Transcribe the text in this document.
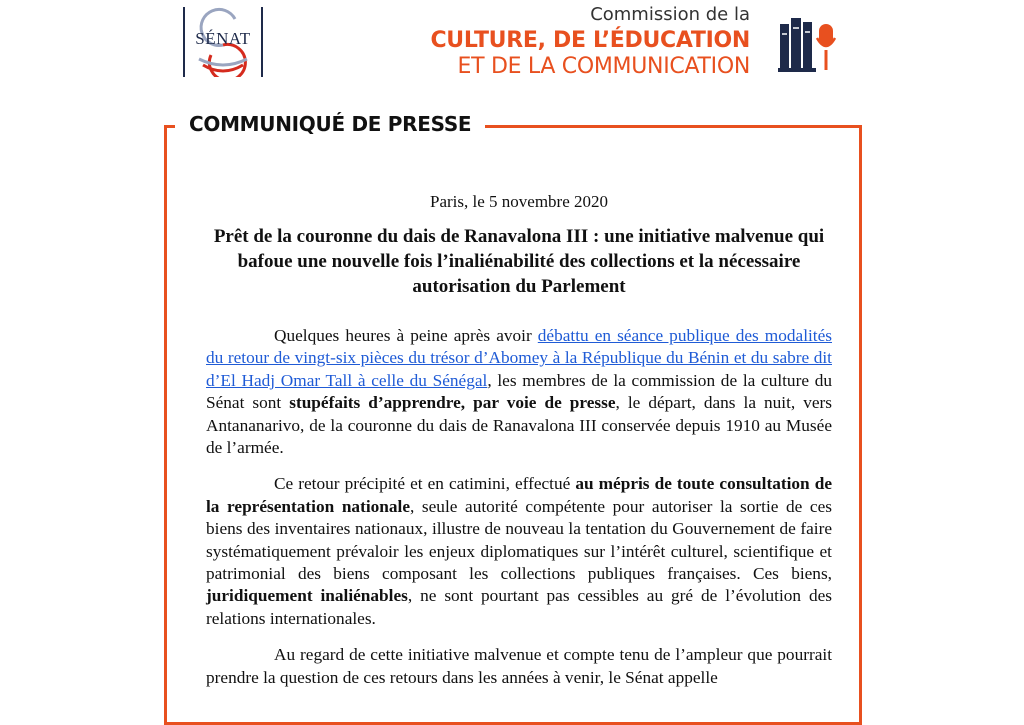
SÉNAT
Commission de la
CULTURE, DE L’ÉDUCATION
ET DE LA COMMUNICATION
COMMUNIQUÉ DE PRESSE
Paris, le 5 novembre 2020
Prêt de la couronne du dais de Ranavalona III : une initiative malvenue qui bafoue une nouvelle fois l’inaliénabilité des collections et la nécessaire autorisation du Parlement

Quelques heures à peine après avoir débattu en séance publique des modalités du retour de vingt-six pièces du trésor d’Abomey à la République du Bénin et du sabre dit d’El Hadj Omar Tall à celle du Sénégal, les membres de la commission de la culture du Sénat sont stupéfaits d’apprendre, par voie de presse, le départ, dans la nuit, vers Antananarivo, de la couronne du dais de Ranavalona III conservée depuis 1910 au Musée de l’armée.

Ce retour précipité et en catimini, effectué au mépris de toute consultation de la représentation nationale, seule autorité compétente pour autoriser la sortie de ces biens des inventaires nationaux, illustre de nouveau la tentation du Gouvernement de faire systématiquement prévaloir les enjeux diplomatiques sur l’intérêt culturel, scientifique et patrimonial des biens composant les collections publiques françaises. Ces biens, juridiquement inaliénables, ne sont pourtant pas cessibles au gré de l’évolution des relations internationales.

Au regard de cette initiative malvenue et compte tenu de l’ampleur que pourrait prendre la question de ces retours dans les années à venir, le Sénat appelle
